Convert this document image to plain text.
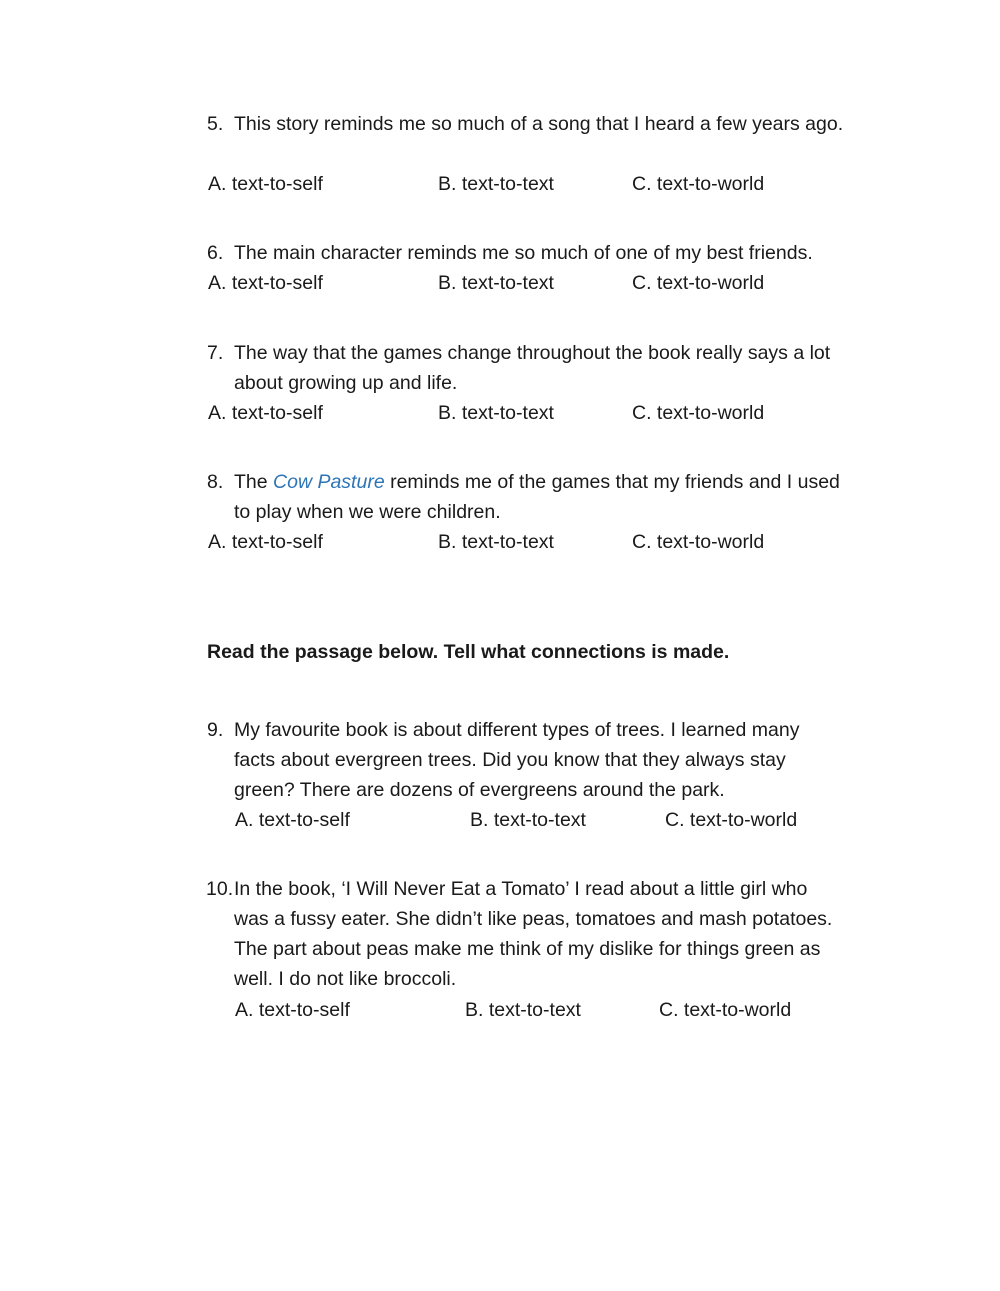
5. This story reminds me so much of a song that I heard a few years ago.
A. text-to-self	B. text-to-text	C. text-to-world
6. The main character reminds me so much of one of my best friends.
A. text-to-self	B. text-to-text	C. text-to-world
7. The way that the games change throughout the book really says a lot
about growing up and life.
A. text-to-self	B. text-to-text	C. text-to-world
8. The Cow Pasture reminds me of the games that my friends and I used
to play when we were children.
A. text-to-self	B. text-to-text	C. text-to-world
Read the passage below. Tell what connections is made.
9. My favourite book is about different types of trees. I learned many
facts about evergreen trees. Did you know that they always stay
green? There are dozens of evergreens around the park.
A. text-to-self	B. text-to-text	C. text-to-world
10. In the book, ‘I Will Never Eat a Tomato’ I read about a little girl who
was a fussy eater. She didn’t like peas, tomatoes and mash potatoes.
The part about peas make me think of my dislike for things green as
well. I do not like broccoli.
A. text-to-self	B. text-to-text	C. text-to-world
